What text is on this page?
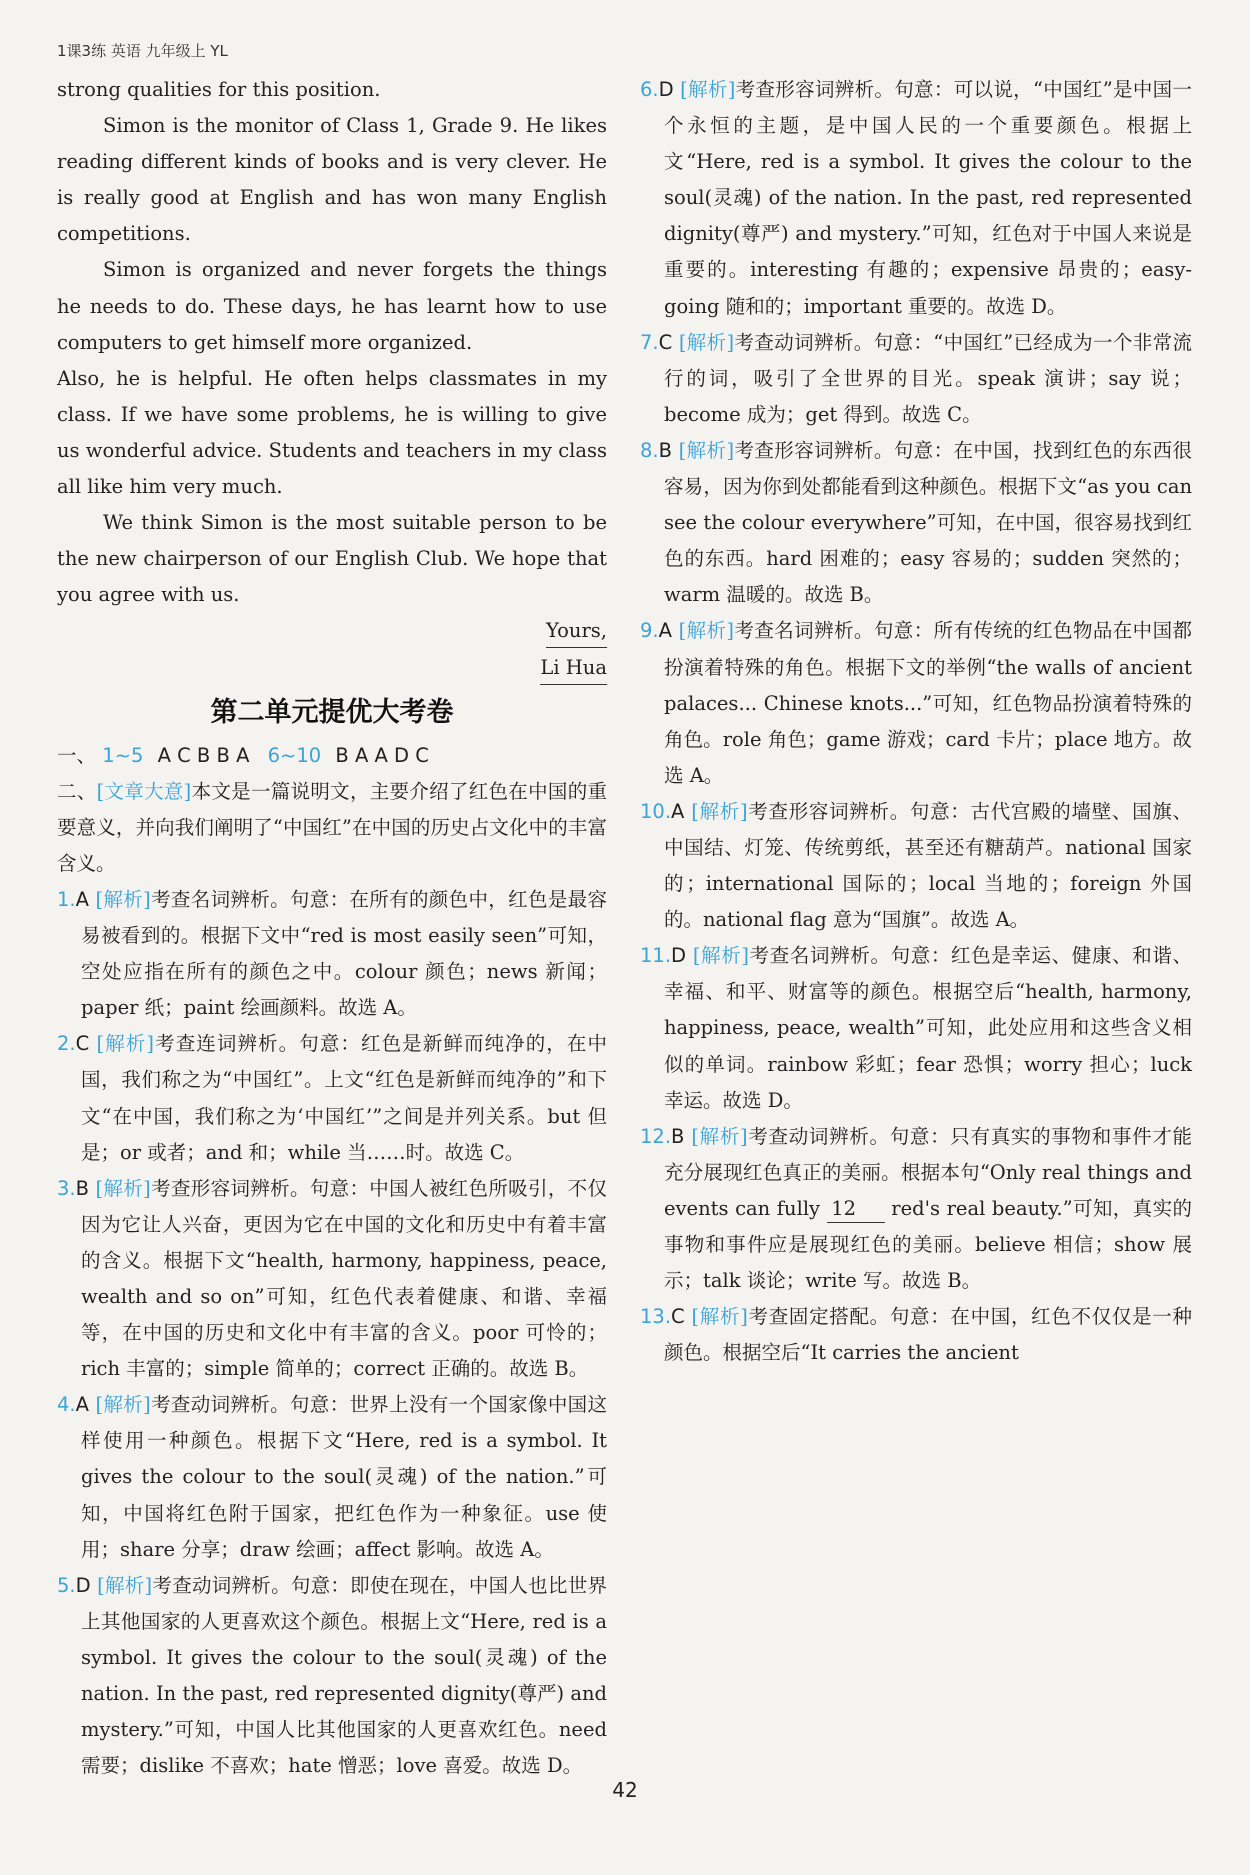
1课3练 英语 九年级上 YL

strong qualities for this position.

Simon is the monitor of Class 1, Grade 9. He likes reading different kinds of books and is very clever. He is really good at English and has won many English competitions.

Simon is organized and never forgets the things he needs to do. These days, he has learnt how to use computers to get himself more organized.

Also, he is helpful. He often helps classmates in my class. If we have some problems, he is willing to give us wonderful advice. Students and teachers in my class all like him very much.

We think Simon is the most suitable person to be the new chairperson of our English Club. We hope that you agree with us.

Yours,

Li Hua

第二单元提优大考卷

一、 1~5 A C B B A 6~10 B A A D C

二、[文章大意]本文是一篇说明文，主要介绍了红色在中国的重要意义，并向我们阐明了“中国红”在中国的历史占文化中的丰富含义。

1.A [解析]考查名词辨析。句意：在所有的颜色中，红色是最容易被看到的。根据下文中“red is most easily seen”可知，空处应指在所有的颜色之中。colour 颜色；news 新闻；paper 纸；paint 绘画颜料。故选 A。

2.C [解析]考查连词辨析。句意：红色是新鲜而纯净的，在中国，我们称之为“中国红”。上文“红色是新鲜而纯净的”和下文“在中国，我们称之为‘中国红’”之间是并列关系。but 但是；or 或者；and 和；while 当……时。故选 C。

3.B [解析]考查形容词辨析。句意：中国人被红色所吸引，不仅因为它让人兴奋，更因为它在中国的文化和历史中有着丰富的含义。根据下文“health, harmony, happiness, peace, wealth and so on”可知，红色代表着健康、和谐、幸福等，在中国的历史和文化中有丰富的含义。poor 可怜的；rich 丰富的；simple 简单的；correct 正确的。故选 B。

4.A [解析]考查动词辨析。句意：世界上没有一个国家像中国这样使用一种颜色。根据下文“Here, red is a symbol. It gives the colour to the soul(灵魂) of the nation.”可知，中国将红色附于国家，把红色作为一种象征。use 使用；share 分享；draw 绘画；affect 影响。故选 A。

5.D [解析]考查动词辨析。句意：即使在现在，中国人也比世界上其他国家的人更喜欢这个颜色。根据上文“Here, red is a symbol. It gives the colour to the soul(灵魂) of the nation. In the past, red represented dignity(尊严) and mystery.”可知，中国人比其他国家的人更喜欢红色。need 需要；dislike 不喜欢；hate 憎恶；love 喜爱。故选 D。

6.D [解析]考查形容词辨析。句意：可以说，“中国红”是中国一个永恒的主题，是中国人民的一个重要颜色。根据上文“Here, red is a symbol. It gives the colour to the soul(灵魂) of the nation. In the past, red represented dignity(尊严) and mystery.”可知，红色对于中国人来说是重要的。interesting 有趣的；expensive 昂贵的；easy-going 随和的；important 重要的。故选 D。

7.C [解析]考查动词辨析。句意：“中国红”已经成为一个非常流行的词，吸引了全世界的目光。speak 演讲；say 说；become 成为；get 得到。故选 C。

8.B [解析]考查形容词辨析。句意：在中国，找到红色的东西很容易，因为你到处都能看到这种颜色。根据下文“as you can see the colour everywhere”可知，在中国，很容易找到红色的东西。hard 困难的；easy 容易的；sudden 突然的；warm 温暖的。故选 B。

9.A [解析]考查名词辨析。句意：所有传统的红色物品在中国都扮演着特殊的角色。根据下文的举例“the walls of ancient palaces... Chinese knots...”可知，红色物品扮演着特殊的角色。role 角色；game 游戏；card 卡片；place 地方。故选 A。

10.A [解析]考查形容词辨析。句意：古代宫殿的墙壁、国旗、中国结、灯笼、传统剪纸，甚至还有糖葫芦。national 国家的；international 国际的；local 当地的；foreign 外国的。national flag 意为“国旗”。故选 A。

11.D [解析]考查名词辨析。句意：红色是幸运、健康、和谐、幸福、和平、财富等的颜色。根据空后“health, harmony, happiness, peace, wealth”可知，此处应用和这些含义相似的单词。rainbow 彩虹；fear 恐惧；worry 担心；luck 幸运。故选 D。

12.B [解析]考查动词辨析。句意：只有真实的事物和事件才能充分展现红色真正的美丽。根据本句“Only real things and events can fully 12 red's real beauty.”可知，真实的事物和事件应是展现红色的美丽。believe 相信；show 展示；talk 谈论；write 写。故选 B。

13.C [解析]考查固定搭配。句意：在中国，红色不仅仅是一种颜色。根据空后“It carries the ancient

42
